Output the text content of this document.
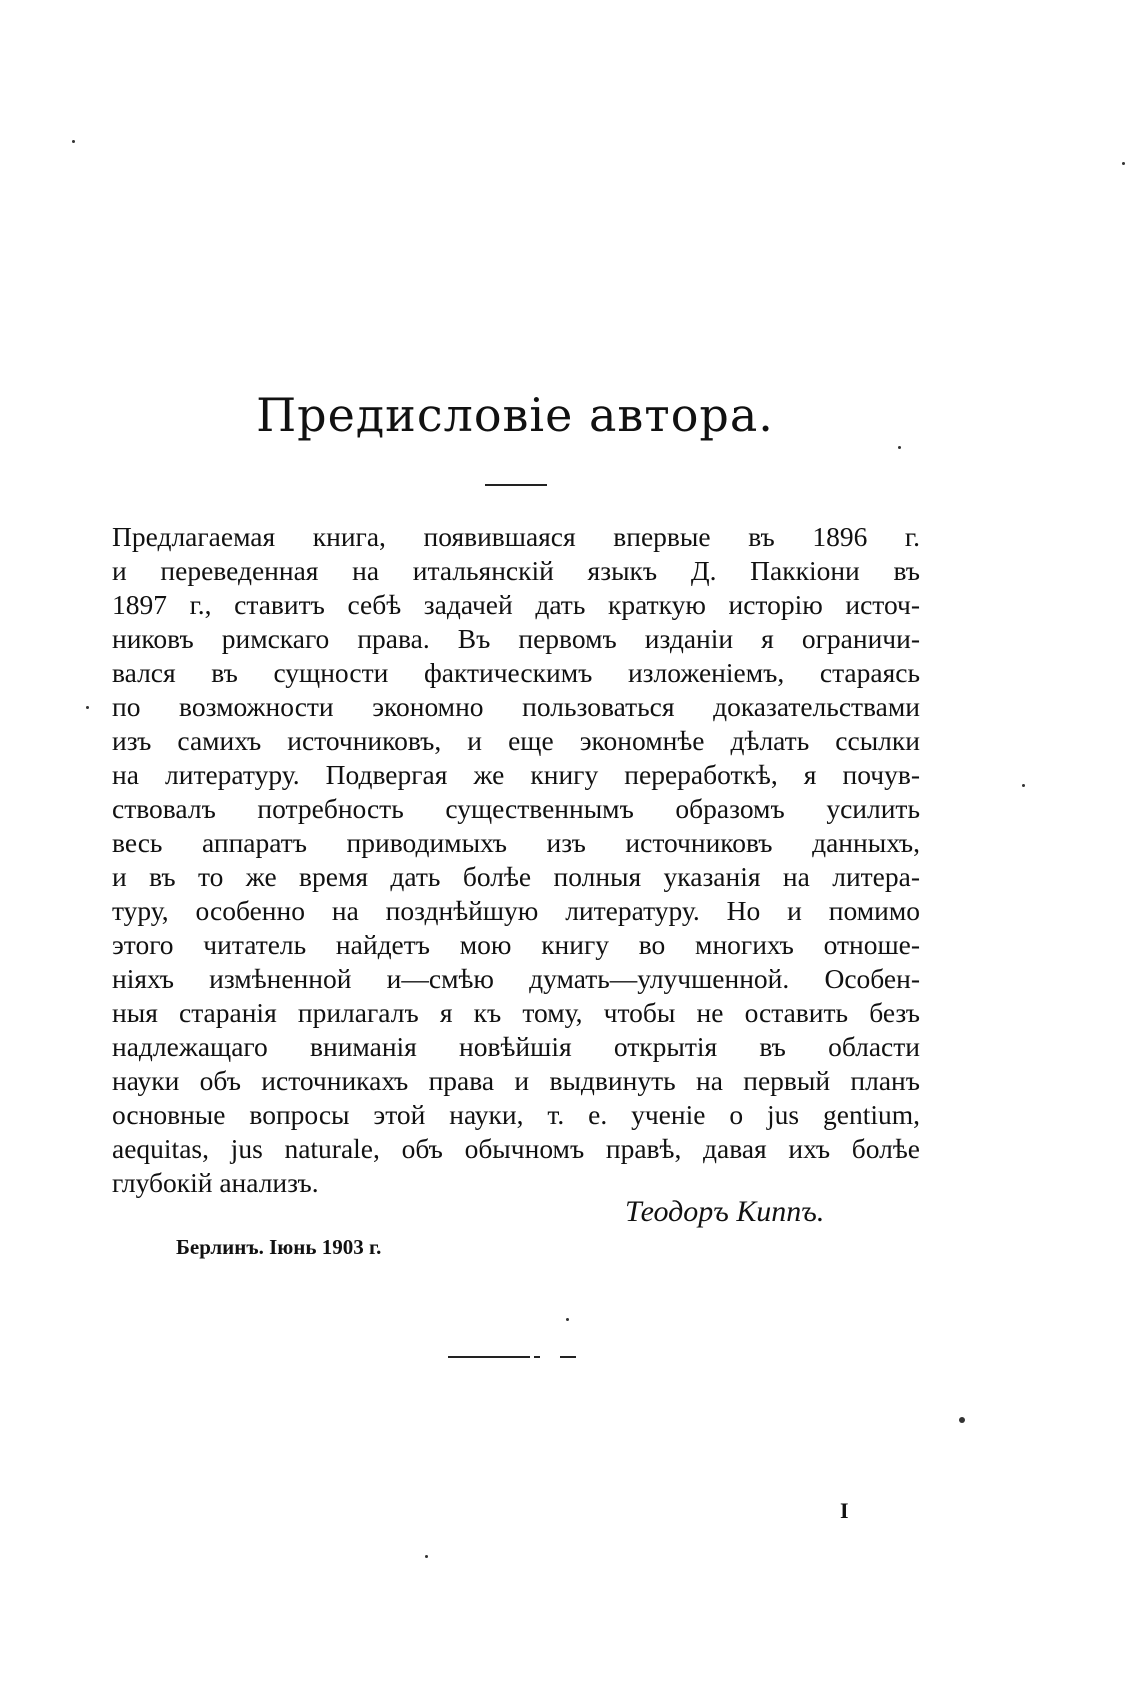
Предисловіе автора.
Предлагаемая книга, появившаяся впервые въ 1896 г.
и переведенная на итальянскій языкъ Д. Паккіони въ
1897 г., ставитъ себѣ задачей дать краткую исторію источ-
никовъ римскаго права. Въ первомъ изданіи я ограничи-
вался въ сущности фактическимъ изложеніемъ, стараясь
по возможности экономно пользоваться доказательствами
изъ самихъ источниковъ, и еще экономнѣе дѣлать ссылки
на литературу. Подвергая же книгу переработкѣ, я почув-
ствовалъ потребность существеннымъ образомъ усилить
весь аппаратъ приводимыхъ изъ источниковъ данныхъ,
и въ то же время дать болѣе полныя указанія на литера-
туру, особенно на позднѣйшую литературу. Но и помимо
этого читатель найдетъ мою книгу во многихъ отноше-
ніяхъ измѣненной и—смѣю думать—улучшенной. Особен-
ныя старанія прилагалъ я къ тому, чтобы не оставить безъ
надлежащаго вниманія новѣйшія открытія въ области
науки объ источникахъ права и выдвинуть на первый планъ
основные вопросы этой науки, т. е. ученіе о jus gentium,
aequitas, jus naturale, объ обычномъ правѣ, давая ихъ болѣе
глубокій анализъ.

Теодоръ Киппъ.

Берлинъ. Іюнь 1903 г.

I
